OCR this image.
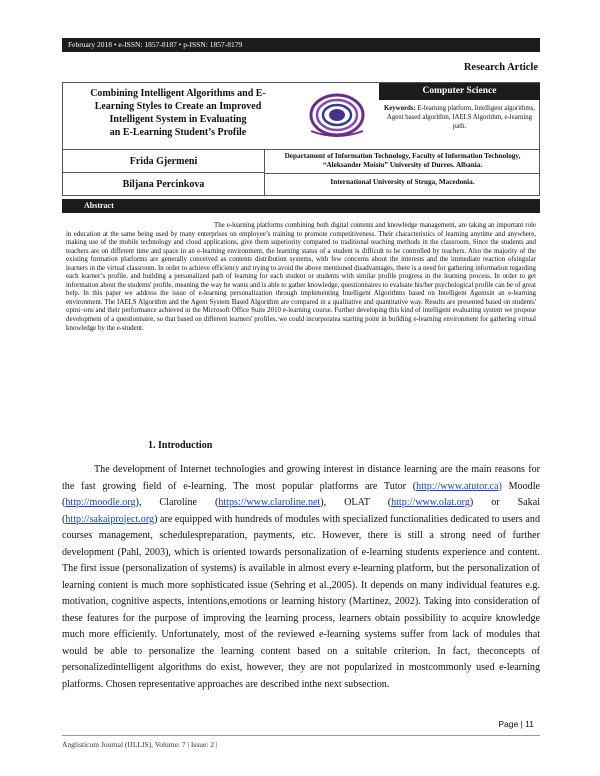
February 2018 • e-ISSN: 1857-8187 • p-ISSN: 1857-8179
Research Article
Combining Intelligent Algorithms and E-
Learning Styles to Create an Improved
Intelligent System in Evaluating
an E-Learning Student’s Profile
Computer Science
Keywords: E-learning platform, Intelligent algorithms, Agent based algorithm, IAELS Algorithm, e-learning path.
Frida Gjermeni
Biljana Percinkova
Departament of Information Technology, Faculty of Information Technology, “Aleksander Moisiu” University of Durres. Albania.
International University of Struga, Macedonia.
Abstract
The e-learning platforms combining both digital contents and knowledge management, are taking an important role in education at the same being used by many enterprises on employee’s training to promote competitiveness. Their characteristics of learning anytime and anywhere, making use of the mobile technology and cloud applications, give them superiority compared to traditional teaching methods in the classroom. Since the students and teachers are on different time and space in an e-learning environment, the learning status of a student is difficult to be controlled by teachers. Also the majority of the existing formation platforms are generally conceived as contents distribution systems, with few concerns about the interests and the immediate reaction ofsingular learners in the virtual classroom. In order to achieve efficiency and trying to avoid the above mentioned disadvantages, there is a need for gathering information regarding each learner’s profile, and building a personalized path of learning for each student or students with similar profile progress in the learning process. In order to get information about the students' profile, meaning the way he wants and is able to gather knowledge, questionnaires to evaluate his/her psychological profile can be of great help. In this paper we address the issue of e-learning personalization through implementing Intelligent Algorithms based on Intelligent Agentsin an e-learning environment. The IAELS Algorithm and the Agent System Based Algorithm are compared in a qualitative and quantitative way. Results are presented based on students' opini¬ons and their performance achieved in the Microsoft Office Suite 2010 e-learning course. Further developing this kind of intelligent evaluating system we propose development of a questionnaire, so that based on different learners' profiles, we could incorporatea starting point in building e-learning environment for gathering virtual knowledge by the e-student.
1. Introduction
The development of Internet technologies and growing interest in distance learning are the main reasons for the fast growing field of e-learning. The most popular platforms are Tutor (http://www.atutor.ca) Moodle (http://moodle.org), Claroline (https://www.claroline.net), OLAT (http://www.olat.org) or Sakai (http://sakaiproject.org) are equipped with hundreds of modules with specialized functionalities dedicated to users and courses management, schedulespreparation, payments, etc. However, there is still a strong need of further development (Pahl, 2003), which is oriented towards personalization of e-learning students experience and content. The first issue (personalization of systems) is available in almost every e-learning platform, but the personalization of learning content is much more sophisticated issue (Sehring et al.,2005). It depends on many individual features e.g. motivation, cognitive aspects, intentions,emotions or learning history (Martinez, 2002). Taking into consideration of these features for the purpose of improving the learning process, learners obtain possibility to acquire knowledge much more efficiently. Unfortunately, most of the reviewed e-learning systems suffer from lack of modules that would be able to personalize the learning content based on a suitable criterion. In fact, theconcepts of personalizedintelligent algorithms do exist, however, they are not popularized in mostcommonly used e-learning platforms. Chosen representative approaches are described inthe next subsection.
Page | 11
Anglisticum Journal (IJLLIS), Volume: 7 | Issue: 2 |
